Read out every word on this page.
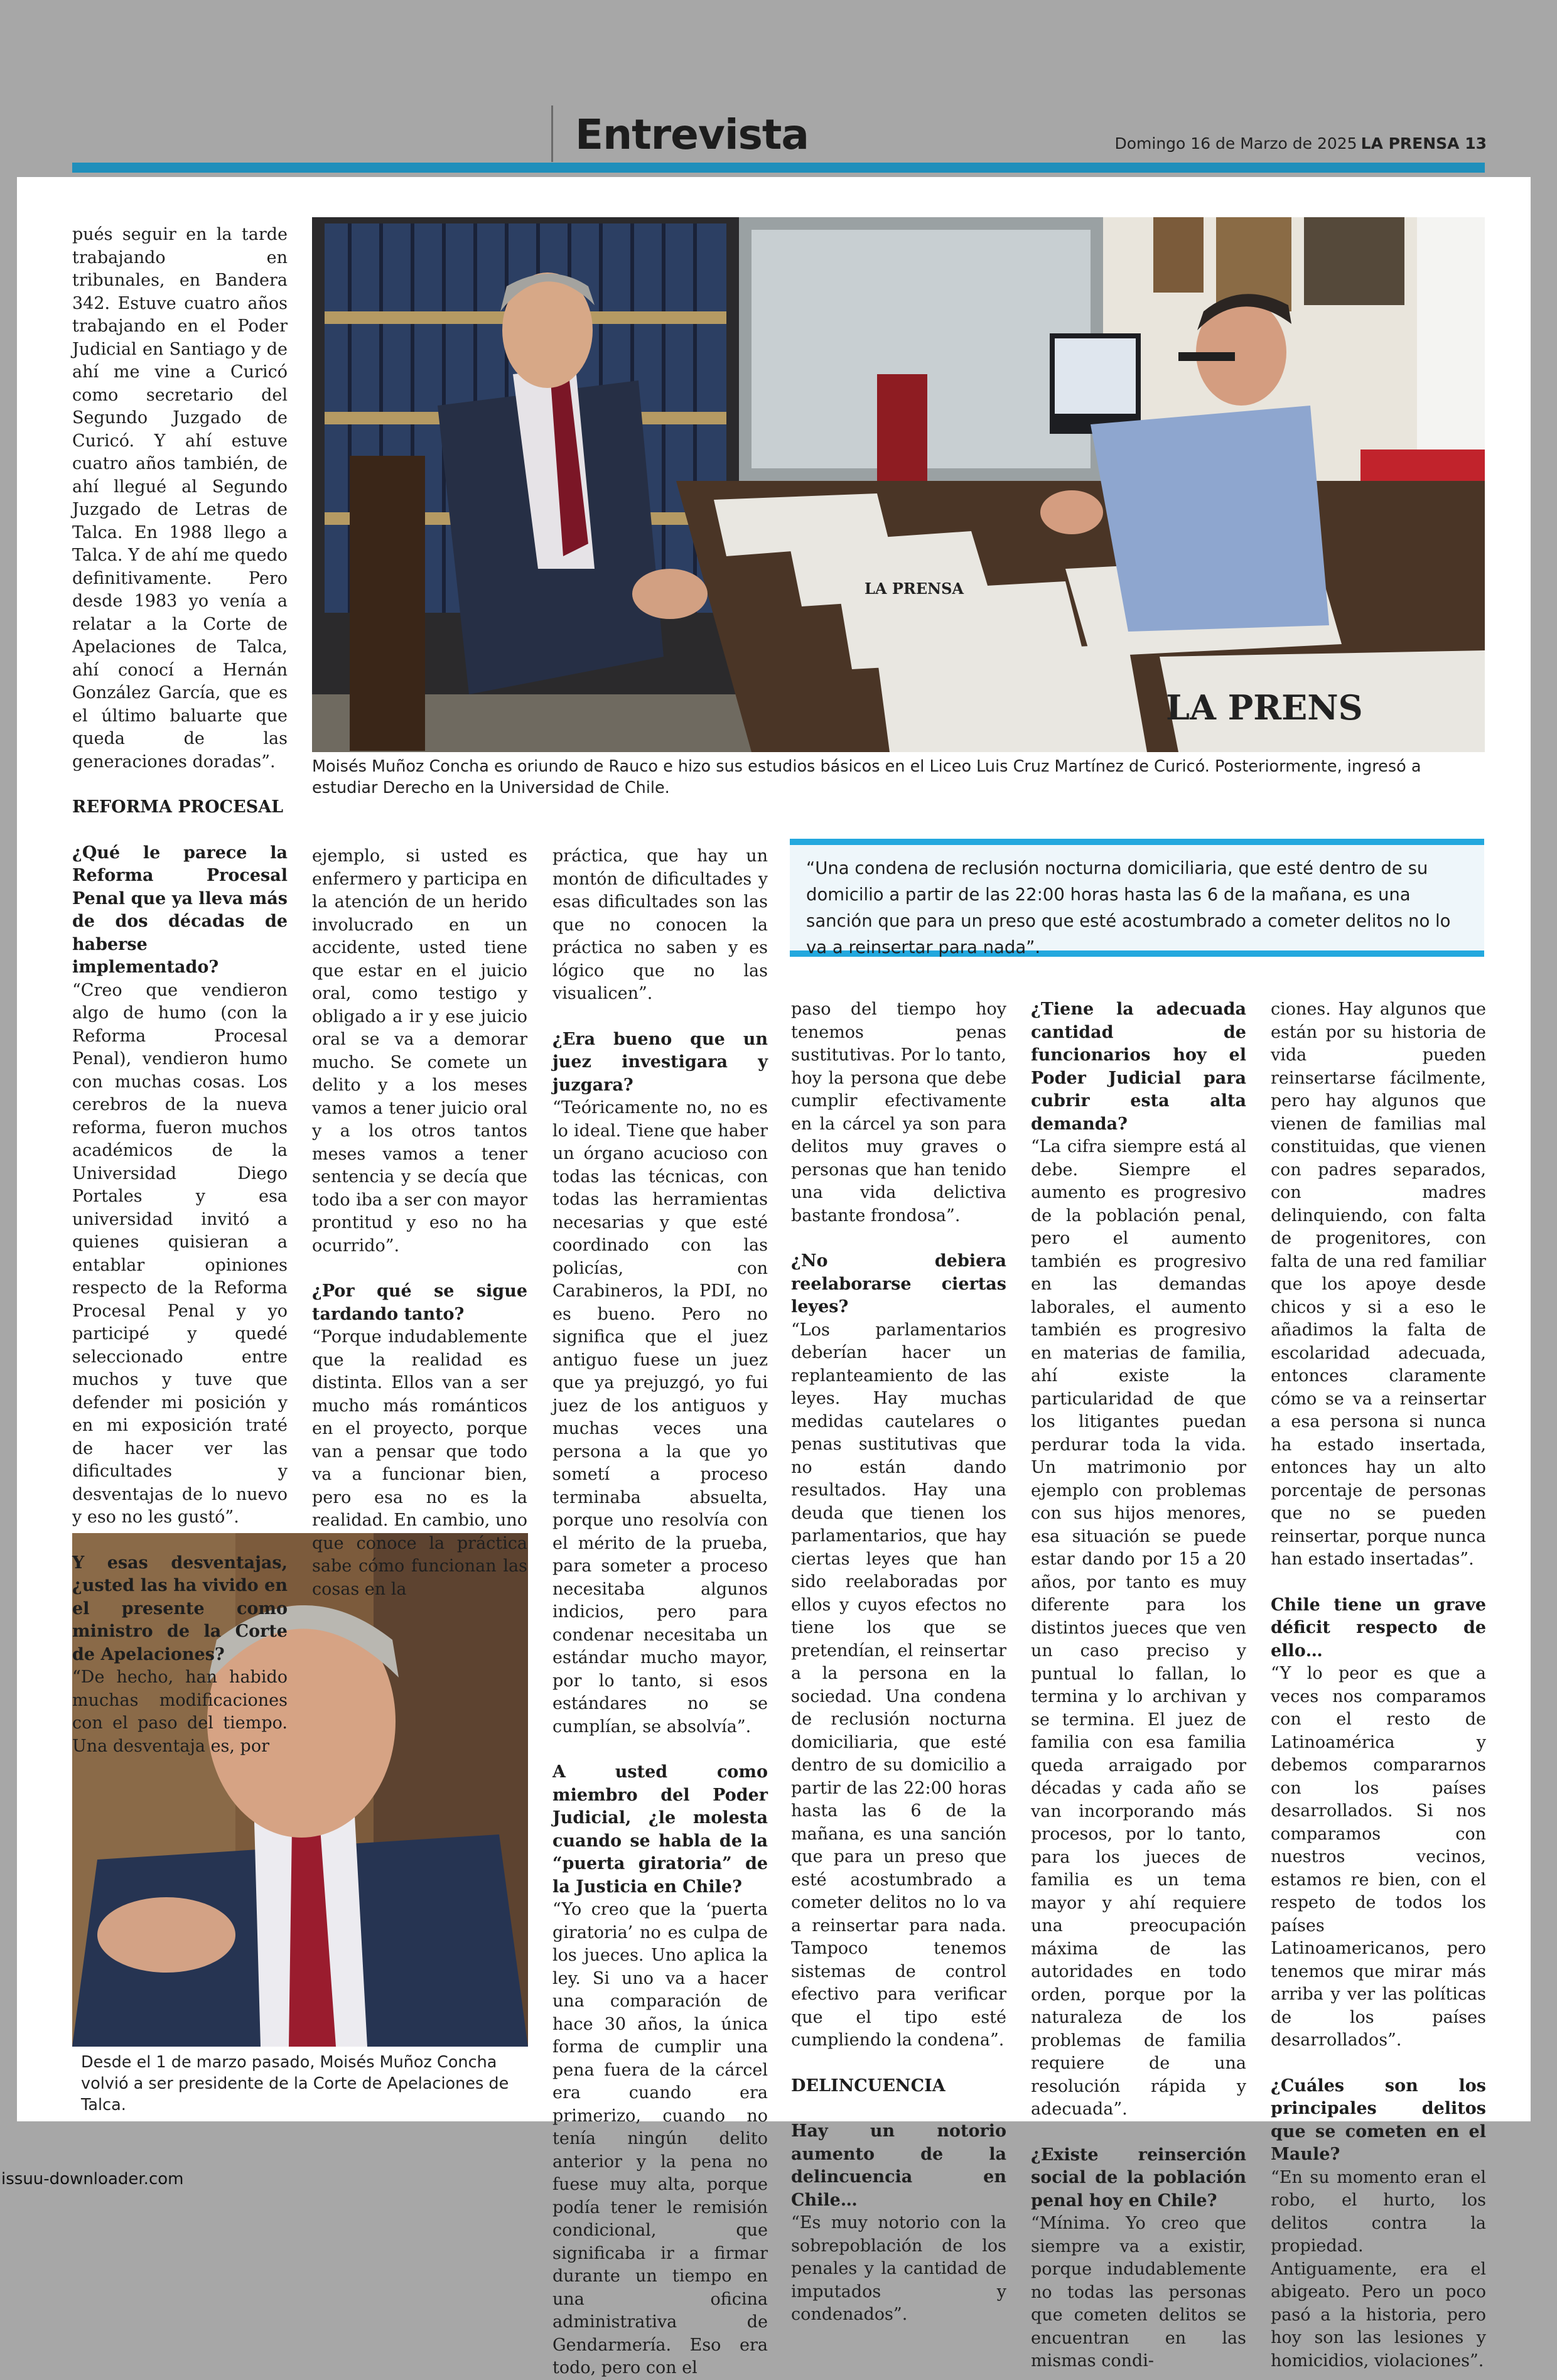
Entrevista	Domingo 16 de Marzo de 2025 LA PRENSA 13
LA PRENS
LA PRENSA
Moisés Muñoz Concha es oriundo de Rauco e hizo sus estudios básicos en el Liceo Luis Cruz Martínez de Curicó. Posteriormente, ingresó a estudiar Derecho en la Universidad de Chile.
Desde el 1 de marzo pasado, Moisés Muñoz Concha volvió a ser presidente de la Corte de Apelaciones de Talca.
“Una condena de reclusión nocturna domiciliaria, que esté dentro de su domicilio a partir de las 22:00 horas hasta las 6 de la mañana, es una sanción que para un preso que esté acostumbrado a cometer delitos no lo va a reinsertar para nada”.

pués seguir en la tarde trabajando en tribunales, en Bandera 342. Estuve cuatro años trabajando en el Poder Judicial en Santiago y de ahí me vine a Curicó como secretario del Segundo Juzgado de Curicó. Y ahí estuve cuatro años también, de ahí llegué al Segundo Juzgado de Letras de Talca. En 1988 llego a Talca. Y de ahí me quedo definitivamente. Pero desde 1983 yo venía a relatar a la Corte de Apelaciones de Talca, ahí conocí a Hernán González García, que es el último baluarte que queda de las generaciones doradas”.

REFORMA PROCESAL

¿Qué le parece la Reforma Procesal Penal que ya lleva más de dos décadas de haberse implementado?

“Creo que vendieron algo de humo (con la Reforma Procesal Penal), vendieron humo con muchas cosas. Los cerebros de la nueva reforma, fueron muchos académicos de la Universidad Diego Portales y esa universidad invitó a quienes quisieran a entablar opiniones respecto de la Reforma Procesal Penal y yo participé y quedé seleccionado entre muchos y tuve que defender mi posición y en mi exposición traté de hacer ver las dificultades y desventajas de lo nuevo y eso no les gustó”.

Y esas desventajas, ¿usted las ha vivido en el presente como ministro de la Corte de Apelaciones?

“De hecho, han habido muchas modificaciones con el paso del tiempo. Una desventaja es, por

ejemplo, si usted es enfermero y participa en la atención de un herido involucrado en un accidente, usted tiene que estar en el juicio oral, como testigo y obligado a ir y ese juicio oral se va a demorar mucho. Se comete un delito y a los meses vamos a tener juicio oral y a los otros tantos meses vamos a tener sentencia y se decía que todo iba a ser con mayor prontitud y eso no ha ocurrido”.

¿Por qué se sigue tardando tanto?

“Porque indudablemente que la realidad es distinta. Ellos van a ser mucho más románticos en el proyecto, porque van a pensar que todo va a funcionar bien, pero esa no es la realidad. En cambio, uno que conoce la práctica sabe cómo funcionan las cosas en la

práctica, que hay un montón de dificultades y esas dificultades son las que no conocen la práctica no saben y es lógico que no las visualicen”.

¿Era bueno que un juez investigara y juzgara?

“Teóricamente no, no es lo ideal. Tiene que haber un órgano acucioso con todas las técnicas, con todas las herramientas necesarias y que esté coordinado con las policías, con Carabineros, la PDI, no es bueno. Pero no significa que el juez antiguo fuese un juez que ya prejuzgó, yo fui juez de los antiguos y muchas veces una persona a la que yo sometí a proceso terminaba absuelta, porque uno resolvía con el mérito de la prueba, para someter a proceso necesitaba algunos indicios, pero para condenar necesitaba un estándar mucho mayor, por lo tanto, si esos estándares no se cumplían, se absolvía”.

A usted como miembro del Poder Judicial, ¿le molesta cuando se habla de la “puerta giratoria” de la Justicia en Chile?

“Yo creo que la ‘puerta giratoria’ no es culpa de los jueces. Uno aplica la ley. Si uno va a hacer una comparación de hace 30 años, la única forma de cumplir una pena fuera de la cárcel era cuando era primerizo, cuando no tenía ningún delito anterior y la pena no fuese muy alta, porque podía tener le remisión condicional, que significaba ir a firmar durante un tiempo en una oficina administrativa de Gendarmería. Eso era todo, pero con el

paso del tiempo hoy tenemos penas sustitutivas. Por lo tanto, hoy la persona que debe cumplir efectivamente en la cárcel ya son para delitos muy graves o personas que han tenido una vida delictiva bastante frondosa”.

¿No debiera reelaborarse ciertas leyes?

“Los parlamentarios deberían hacer un replanteamiento de las leyes. Hay muchas medidas cautelares o penas sustitutivas que no están dando resultados. Hay una deuda que tienen los parlamentarios, que hay ciertas leyes que han sido reelaboradas por ellos y cuyos efectos no tiene los que se pretendían, el reinsertar a la persona en la sociedad. Una condena de reclusión nocturna domiciliaria, que esté dentro de su domicilio a partir de las 22:00 horas hasta las 6 de la mañana, es una sanción que para un preso que esté acostumbrado a cometer delitos no lo va a reinsertar para nada. Tampoco tenemos sistemas de control efectivo para verificar que el tipo esté cumpliendo la condena”.

DELINCUENCIA

Hay un notorio aumento de la delincuencia en Chile…

“Es muy notorio con la sobrepoblación de los penales y la cantidad de imputados y condenados”.

¿Tiene la adecuada cantidad de funcionarios hoy el Poder Judicial para cubrir esta alta demanda?

“La cifra siempre está al debe. Siempre el aumento es progresivo de la población penal, pero el aumento también es progresivo en las demandas laborales, el aumento también es progresivo en materias de familia, ahí existe la particularidad de que los litigantes puedan perdurar toda la vida. Un matrimonio por ejemplo con problemas con sus hijos menores, esa situación se puede estar dando por 15 a 20 años, por tanto es muy diferente para los distintos jueces que ven un caso preciso y puntual lo fallan, lo termina y lo archivan y se termina. El juez de familia con esa familia queda arraigado por décadas y cada año se van incorporando más procesos, por lo tanto, para los jueces de familia es un tema mayor y ahí requiere una preocupación máxima de las autoridades en todo orden, porque por la naturaleza de los problemas de familia requiere de una resolución rápida y adecuada”.

¿Existe reinserción social de la población penal hoy en Chile?

“Mínima. Yo creo que siempre va a existir, porque indudablemente no todas las personas que cometen delitos se encuentran en las mismas condi-

ciones. Hay algunos que están por su historia de vida pueden reinsertarse fácilmente, pero hay algunos que vienen de familias mal constituidas, que vienen con padres separados, con madres delinquiendo, con falta de progenitores, con falta de una red familiar que los apoye desde chicos y si a eso le añadimos la falta de escolaridad adecuada, entonces claramente cómo se va a reinsertar a esa persona si nunca ha estado insertada, entonces hay un alto porcentaje de personas que no se pueden reinsertar, porque nunca han estado insertadas”.

Chile tiene un grave déficit respecto de ello…

“Y lo peor es que a veces nos comparamos con el resto de Latinoamérica y debemos compararnos con los países desarrollados. Si nos comparamos con nuestros vecinos, estamos re bien, con el respeto de todos los países Latinoamericanos, pero tenemos que mirar más arriba y ver las políticas de los países desarrollados”.

¿Cuáles son los principales delitos que se cometen en el Maule?

“En su momento eran el robo, el hurto, los delitos contra la propiedad. Antiguamente, era el abigeato. Pero un poco pasó a la historia, pero hoy son las lesiones y homicidios, violaciones”.

issuu-downloader.com
